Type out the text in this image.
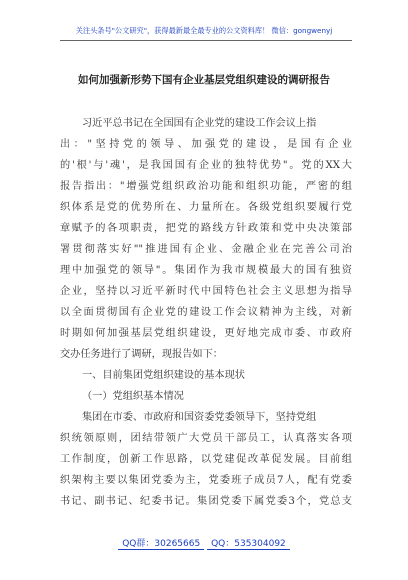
关注头条号"公文研究"，获得最新最全最专业的公文资料库！ 微信：gongwenyj
如何加强新形势下国有企业基层党组织建设的调研报告
习近平总书记在全国国有企业党的建设工作会议上指
出："坚持党的领导、加强党的建设，是国有企业
的'根'与'魂'，是我国国有企业的独特优势"。党的XX大
报告指出："增强党组织政治功能和组织功能，严密的组
织体系是党的优势所在、力量所在。各级党组织要履行党
章赋予的各项职责，把党的路线方针政策和党中央决策部
署贯彻落实好""推进国有企业、金融企业在完善公司治
理中加强党的领导"。集团作为我市规模最大的国有独资
企业，坚持以习近平新时代中国特色社会主义思想为指导
以全面贯彻国有企业党的建设工作会议精神为主线，对新
时期如何加强基层党组织建设，更好地完成市委、市政府
交办任务进行了调研，现报告如下：
一、目前集团党组织建设的基本现状
（一）党组织基本情况
集团在市委、市政府和国资委党委领导下，坚持党组
织统领原则，团结带领广大党员干部员工，认真落实各项
工作制度，创新工作思路，以党建促改革促发展。目前组
织架构主要以集团党委为主，党委班子成员7人，配有党委
书记、副书记、纪委书记。集团党委下属党委3个，党总支
QQ群：30265665 QQ：535304092
